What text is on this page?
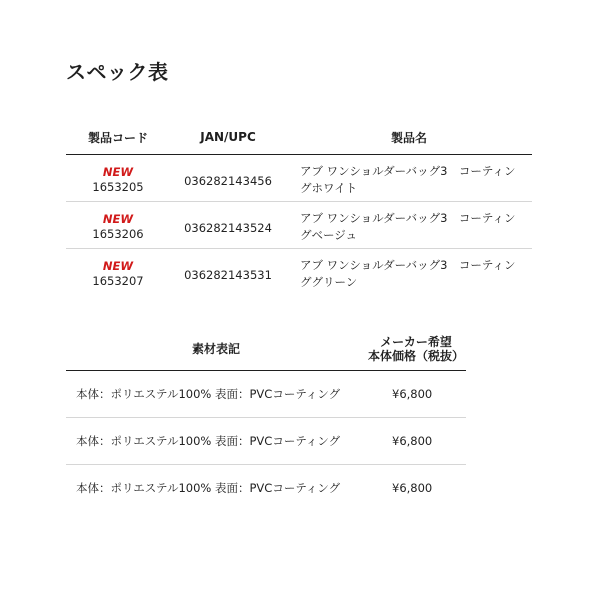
スペック表
製品コード	JAN/UPC	製品名

NEW
1653205	036282143456	アブ ワンショルダーバッグ3　コーティン
グホワイト

NEW
1653206	036282143524	アブ ワンショルダーバッグ3　コーティン
グベージュ

NEW
1653207	036282143531	アブ ワンショルダーバッグ3　コーティン
ググリーン
素材表記	メーカー希望
本体価格（税抜）

本体：ポリエステル100% 表面：PVCコーティング	¥6,800
本体：ポリエステル100% 表面：PVCコーティング	¥6,800
本体：ポリエステル100% 表面：PVCコーティング	¥6,800
